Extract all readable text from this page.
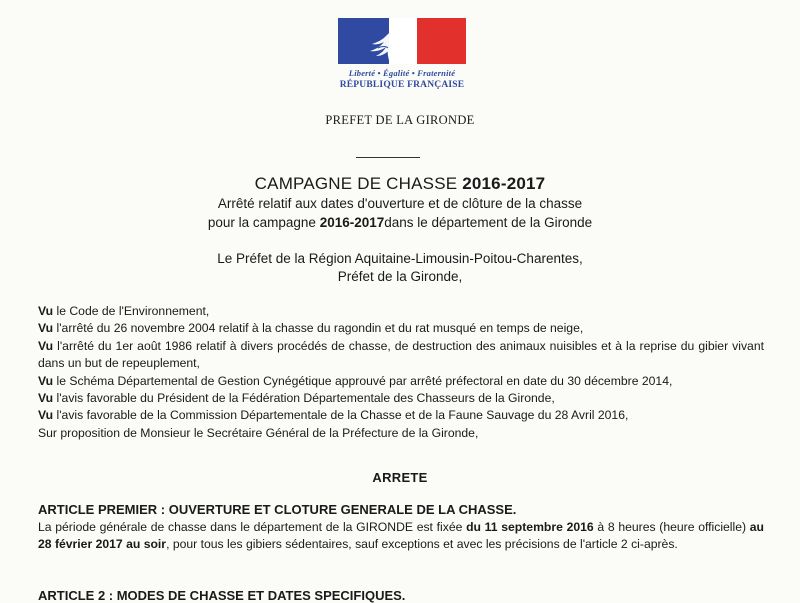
Liberté • Égalité • Fraternité
RÉPUBLIQUE FRANÇAISE
PREFET DE LA GIRONDE
CAMPAGNE DE CHASSE 2016-2017
Arrêté relatif aux dates d'ouverture et de clôture de la chasse
pour la campagne 2016-2017dans le département de la Gironde
Le Préfet de la Région Aquitaine-Limousin-Poitou-Charentes,
Préfet de la Gironde,

Vu le Code de l'Environnement,

Vu l'arrêté du 26 novembre 2004 relatif à la chasse du ragondin et du rat musqué en temps de neige,

Vu l'arrêté du 1er août 1986 relatif à divers procédés de chasse, de destruction des animaux nuisibles et à la reprise du gibier vivant dans un but de repeuplement,

Vu le Schéma Départemental de Gestion Cynégétique approuvé par arrêté préfectoral en date du 30 décembre 2014,

Vu l'avis favorable du Président de la Fédération Départementale des Chasseurs de la Gironde,

Vu l'avis favorable de la Commission Départementale de la Chasse et de la Faune Sauvage du 28 Avril 2016,

Sur proposition de Monsieur le Secrétaire Général de la Préfecture de la Gironde,

ARRETE
ARTICLE PREMIER : OUVERTURE ET CLOTURE GENERALE DE LA CHASSE.
La période générale de chasse dans le département de la GIRONDE est fixée du 11 septembre 2016 à 8 heures (heure officielle) au 28 février 2017 au soir, pour tous les gibiers sédentaires, sauf exceptions et avec les précisions de l'article 2 ci-après.
ARTICLE 2 : MODES DE CHASSE ET DATES SPECIFIQUES.
